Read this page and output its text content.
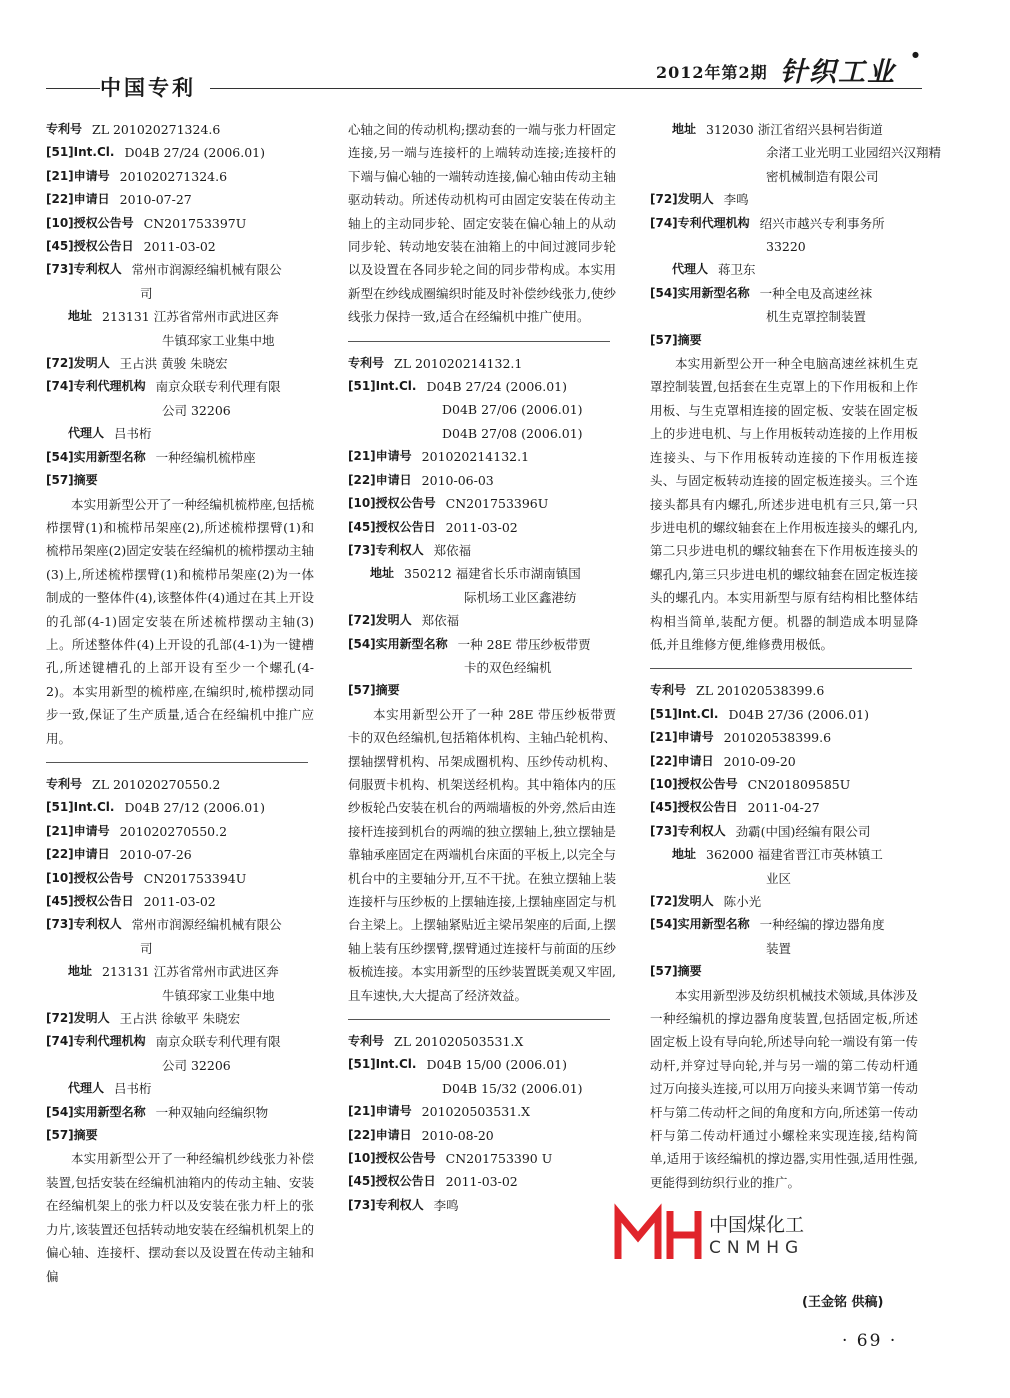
中国专利
2012年第2期 针织工业
●
专利号 ZL 201020271324.6
[51]Int.Cl. D04B 27/24 (2006.01)
[21]申请号 201020271324.6
[22]申请日 2010-07-27
[10]授权公告号 CN201753397U
[45]授权公告日 2011-03-02
[73]专利权人 常州市润源经编机械有限公
司
地址 213131 江苏省常州市武进区奔
牛镇邳家工业集中地
[72]发明人 王占洪 黄骏 朱晓宏
[74]专利代理机构 南京众联专利代理有限
公司 32206
代理人 吕书桁
[54]实用新型名称 一种经编机梳栉座
[57]摘要
本实用新型公开了一种经编机梳栉座,包括梳栉摆臂(1)和梳栉吊架座(2),所述梳栉摆臂(1)和梳栉吊架座(2)固定安装在经编机的梳栉摆动主轴(3)上,所述梳栉摆臂(1)和梳栉吊架座(2)为一体制成的一整体件(4),该整体件(4)通过在其上开设的孔部(4-1)固定安装在所述梳栉摆动主轴(3)上。所述整体件(4)上开设的孔部(4-1)为一键槽孔,所述键槽孔的上部开设有至少一个螺孔(4-2)。本实用新型的梳栉座,在编织时,梳栉摆动同步一致,保证了生产质量,适合在经编机中推广应用。
专利号 ZL 201020270550.2
[51]Int.Cl. D04B 27/12 (2006.01)
[21]申请号 201020270550.2
[22]申请日 2010-07-26
[10]授权公告号 CN201753394U
[45]授权公告日 2011-03-02
[73]专利权人 常州市润源经编机械有限公
司
地址 213131 江苏省常州市武进区奔
牛镇邳家工业集中地
[72]发明人 王占洪 徐敏平 朱晓宏
[74]专利代理机构 南京众联专利代理有限
公司 32206
代理人 吕书桁
[54]实用新型名称 一种双轴向经编织物
[57]摘要
本实用新型公开了一种经编机纱线张力补偿装置,包括安装在经编机油箱内的传动主轴、安装在经编机架上的张力杆以及安装在张力杆上的张力片,该装置还包括转动地安装在经编机机架上的偏心轴、连接杆、摆动套以及设置在传动主轴和偏
心轴之间的传动机构;摆动套的一端与张力杆固定连接,另一端与连接杆的上端转动连接;连接杆的下端与偏心轴的一端转动连接,偏心轴由传动主轴驱动转动。所述传动机构可由固定安装在传动主轴上的主动同步轮、固定安装在偏心轴上的从动同步轮、转动地安装在油箱上的中间过渡同步轮以及设置在各同步轮之间的同步带构成。本实用新型在纱线成圈编织时能及时补偿纱线张力,使纱线张力保持一致,适合在经编机中推广使用。
专利号 ZL 201020214132.1
[51]Int.Cl. D04B 27/24 (2006.01)
D04B 27/06 (2006.01)
D04B 27/08 (2006.01)
[21]申请号 201020214132.1
[22]申请日 2010-06-03
[10]授权公告号 CN201753396U
[45]授权公告日 2011-03-02
[73]专利权人 郑依福
地址 350212 福建省长乐市湖南镇国
际机场工业区鑫港纺
[72]发明人 郑依福
[54]实用新型名称 一种 28E 带压纱板带贾
卡的双色经编机
[57]摘要
本实用新型公开了一种 28E 带压纱板带贾卡的双色经编机,包括箱体机构、主轴凸轮机构、摆轴摆臂机构、吊架成圈机构、压纱传动机构、伺服贾卡机构、机架送经机构。其中箱体内的压纱板轮凸安装在机台的两端墙板的外旁,然后由连接杆连接到机台的两端的独立摆轴上,独立摆轴是靠轴承座固定在两端机台床面的平板上,以完全与机台中的主要轴分开,互不干扰。在独立摆轴上装连接杆与压纱板的上摆轴连接,上摆轴座固定与机台主梁上。上摆轴紧贴近主梁吊架座的后面,上摆轴上装有压纱摆臂,摆臂通过连接杆与前面的压纱板梳连接。本实用新型的压纱装置既美观又牢固,且车速快,大大提高了经济效益。
专利号 ZL 201020503531.X
[51]Int.Cl. D04B 15/00 (2006.01)
D04B 15/32 (2006.01)
[21]申请号 201020503531.X
[22]申请日 2010-08-20
[10]授权公告号 CN201753390 U
[45]授权公告日 2011-03-02
[73]专利权人 李鸣
地址 312030 浙江省绍兴县柯岩街道
余渚工业光明工业园绍兴汉翔精
密机械制造有限公司
[72]发明人 李鸣
[74]专利代理机构 绍兴市越兴专利事务所
33220
代理人 蒋卫东
[54]实用新型名称 一种全电及高速丝袜
机生克罩控制装置
[57]摘要
本实用新型公开一种全电脑高速丝袜机生克罩控制装置,包括套在生克罩上的下作用板和上作用板、与生克罩相连接的固定板、安装在固定板上的步进电机、与上作用板转动连接的上作用板连接头、与下作用板转动连接的下作用板连接头、与固定板转动连接的固定板连接头。三个连接头都具有内螺孔,所述步进电机有三只,第一只步进电机的螺纹轴套在上作用板连接头的螺孔内,第二只步进电机的螺纹轴套在下作用板连接头的螺孔内,第三只步进电机的螺纹轴套在固定板连接头的螺孔内。本实用新型与原有结构相比整体结构相当简单,装配方便。机器的制造成本明显降低,并且维修方便,维修费用极低。
专利号 ZL 201020538399.6
[51]Int.Cl. D04B 27/36 (2006.01)
[21]申请号 201020538399.6
[22]申请日 2010-09-20
[10]授权公告号 CN201809585U
[45]授权公告日 2011-04-27
[73]专利权人 劲霸(中国)经编有限公司
地址 362000 福建省晋江市英林镇工
业区
[72]发明人 陈小光
[54]实用新型名称 一种经编的撑边器角度
装置
[57]摘要
本实用新型涉及纺织机械技术领域,具体涉及一种经编机的撑边器角度装置,包括固定板,所述固定板上设有导向轮,所述导向轮一端设有第一传动杆,并穿过导向轮,并与另一端的第二传动杆通过万向接头连接,可以用万向接头来调节第一传动杆与第二传动杆之间的角度和方向,所述第一传动杆与第二传动杆通过小螺栓来实现连接,结构简单,适用于该经编机的撑边器,实用性强,适用性强,更能得到纺织行业的推广。
(王金铭 供稿)
· 69 ·
中国煤化工
CNMHG
